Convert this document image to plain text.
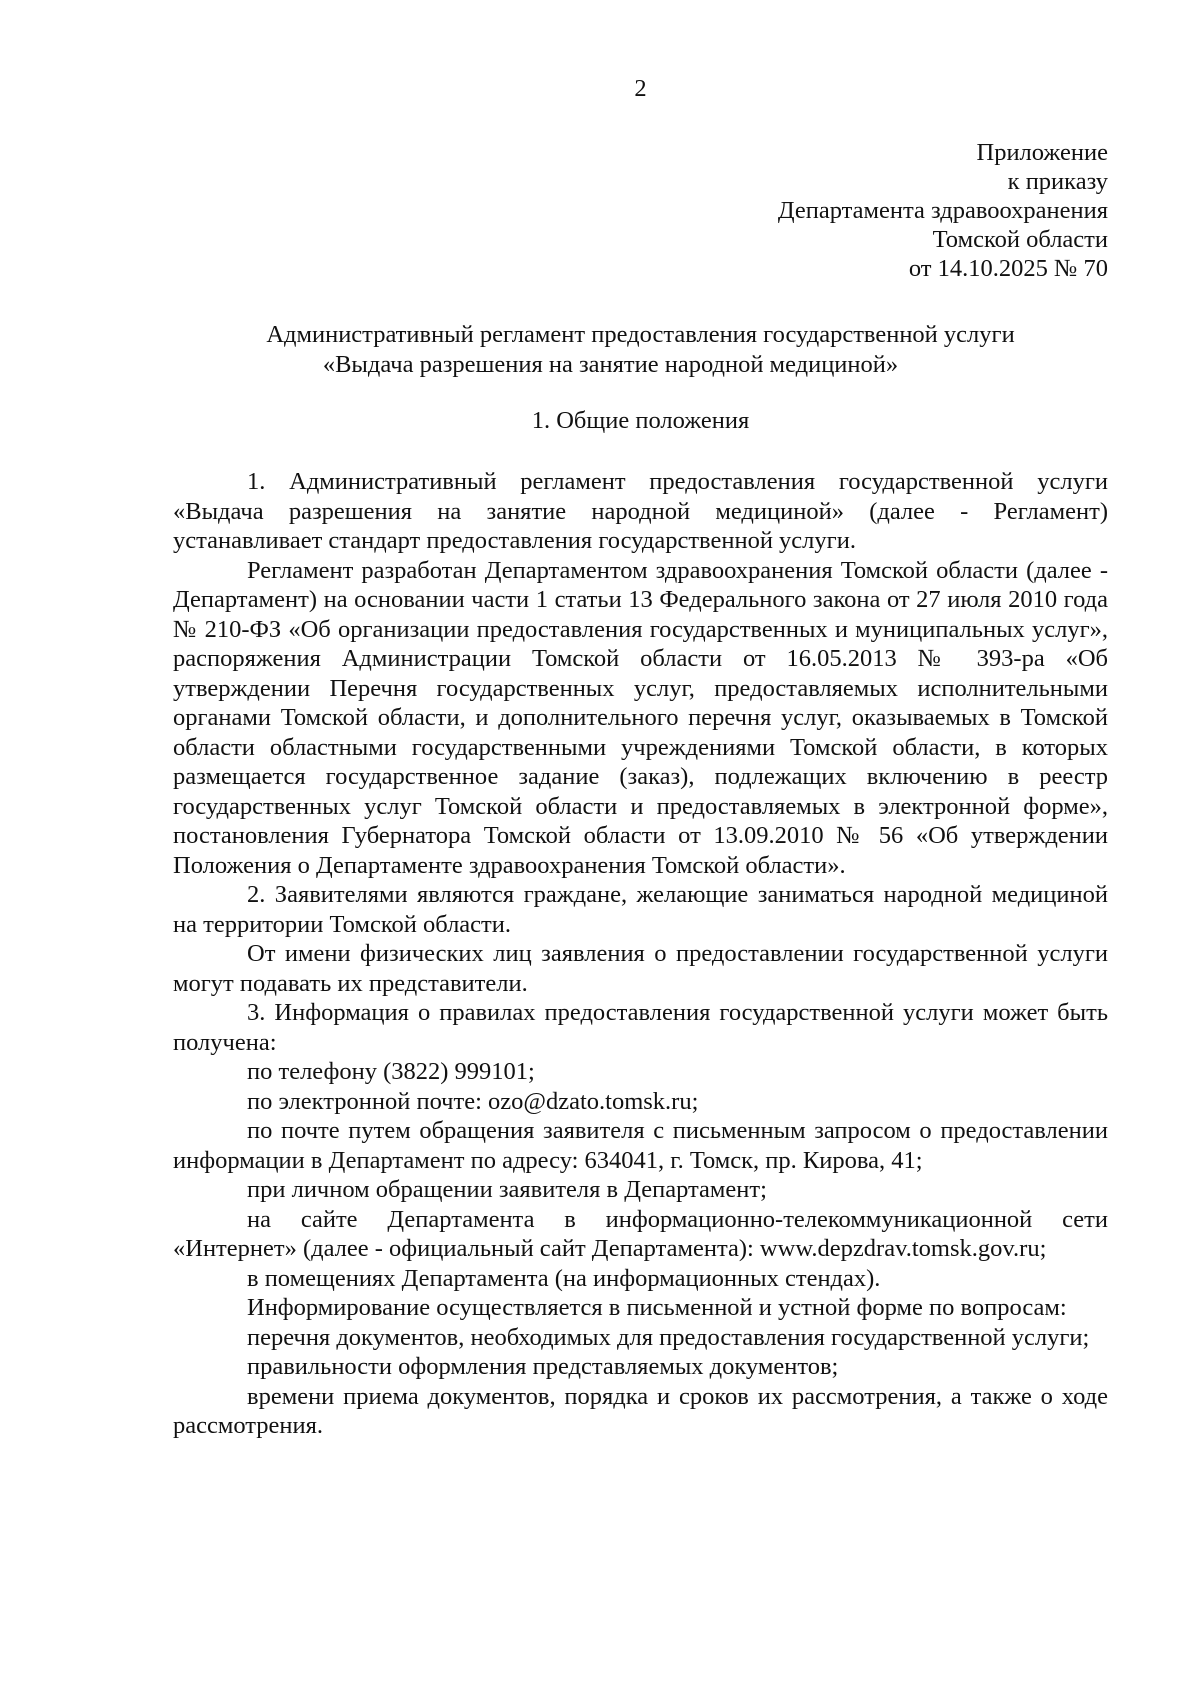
2
Приложение
к приказу
Департамента здравоохранения
Томской области
от 14.10.2025 № 70
Административный регламент предоставления государственной услуги
«Выдача разрешения на занятие народной медициной»
1. Общие положения

1. Административный регламент предоставления государственной услуги «Выдача разрешения на занятие народной медициной» (далее - Регламент) устанавливает стандарт предоставления государственной услуги.

Регламент разработан Департаментом здравоохранения Томской области (далее - Департамент) на основании части 1 статьи 13 Федерального закона от 27 июля 2010 года № 210-ФЗ «Об организации предоставления государственных и муниципальных услуг», распоряжения Администрации Томской области от 16.05.2013 № 393-ра «Об утверждении Перечня государственных услуг, предоставляемых исполнительными органами Томской области, и дополнительного перечня услуг, оказываемых в Томской области областными государственными учреждениями Томской области, в которых размещается государственное задание (заказ), подлежащих включению в реестр государственных услуг Томской области и предоставляемых в электронной форме», постановления Губернатора Томской области от 13.09.2010 № 56 «Об утверждении Положения о Департаменте здравоохранения Томской области».

2. Заявителями являются граждане, желающие заниматься народной медициной на территории Томской области.

От имени физических лиц заявления о предоставлении государственной услуги могут подавать их представители.

3. Информация о правилах предоставления государственной услуги может быть получена:

по телефону (3822) 999101;

по электронной почте: ozo@dzato.tomsk.ru;

по почте путем обращения заявителя с письменным запросом о предоставлении информации в Департамент по адресу: 634041, г. Томск, пр. Кирова, 41;

при личном обращении заявителя в Департамент;

на сайте Департамента в информационно-телекоммуникационной сети «Интернет» (далее - официальный сайт Департамента): www.depzdrav.tomsk.gov.ru;

в помещениях Департамента (на информационных стендах).

Информирование осуществляется в письменной и устной форме по вопросам:

перечня документов, необходимых для предоставления государственной услуги;

правильности оформления представляемых документов;

времени приема документов, порядка и сроков их рассмотрения, а также о ходе рассмотрения.
